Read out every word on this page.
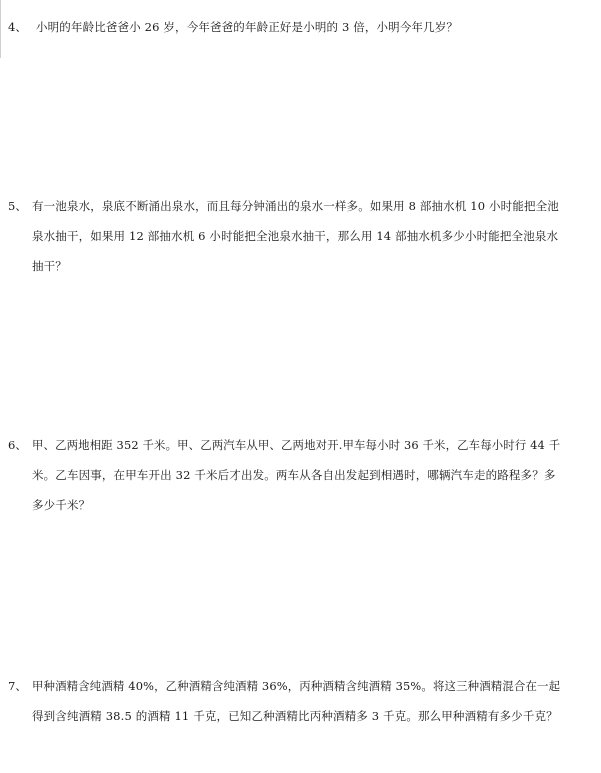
4、 小明的年龄比爸爸小 26 岁，今年爸爸的年龄正好是小明的 3 倍，小明今年几岁？
5、 有一池泉水，泉底不断涌出泉水，而且每分钟涌出的泉水一样多。如果用 8 部抽水机 10 小时能把全池
泉水抽干，如果用 12 部抽水机 6 小时能把全池泉水抽干，那么用 14 部抽水机多少小时能把全池泉水
抽干？
6、 甲、乙两地相距 352 千米。甲、乙两汽车从甲、乙两地对开.甲车每小时 36 千米，乙车每小时行 44 千
米。乙车因事，在甲车开出 32 千米后才出发。两车从各自出发起到相遇时，哪辆汽车走的路程多？多
多少千米？
7、 甲种酒精含纯酒精 40%，乙种酒精含纯酒精 36%，丙种酒精含纯酒精 35%。将这三种酒精混合在一起
得到含纯酒精 38.5 的酒精 11 千克，已知乙种酒精比丙种酒精多 3 千克。那么甲种酒精有多少千克？
